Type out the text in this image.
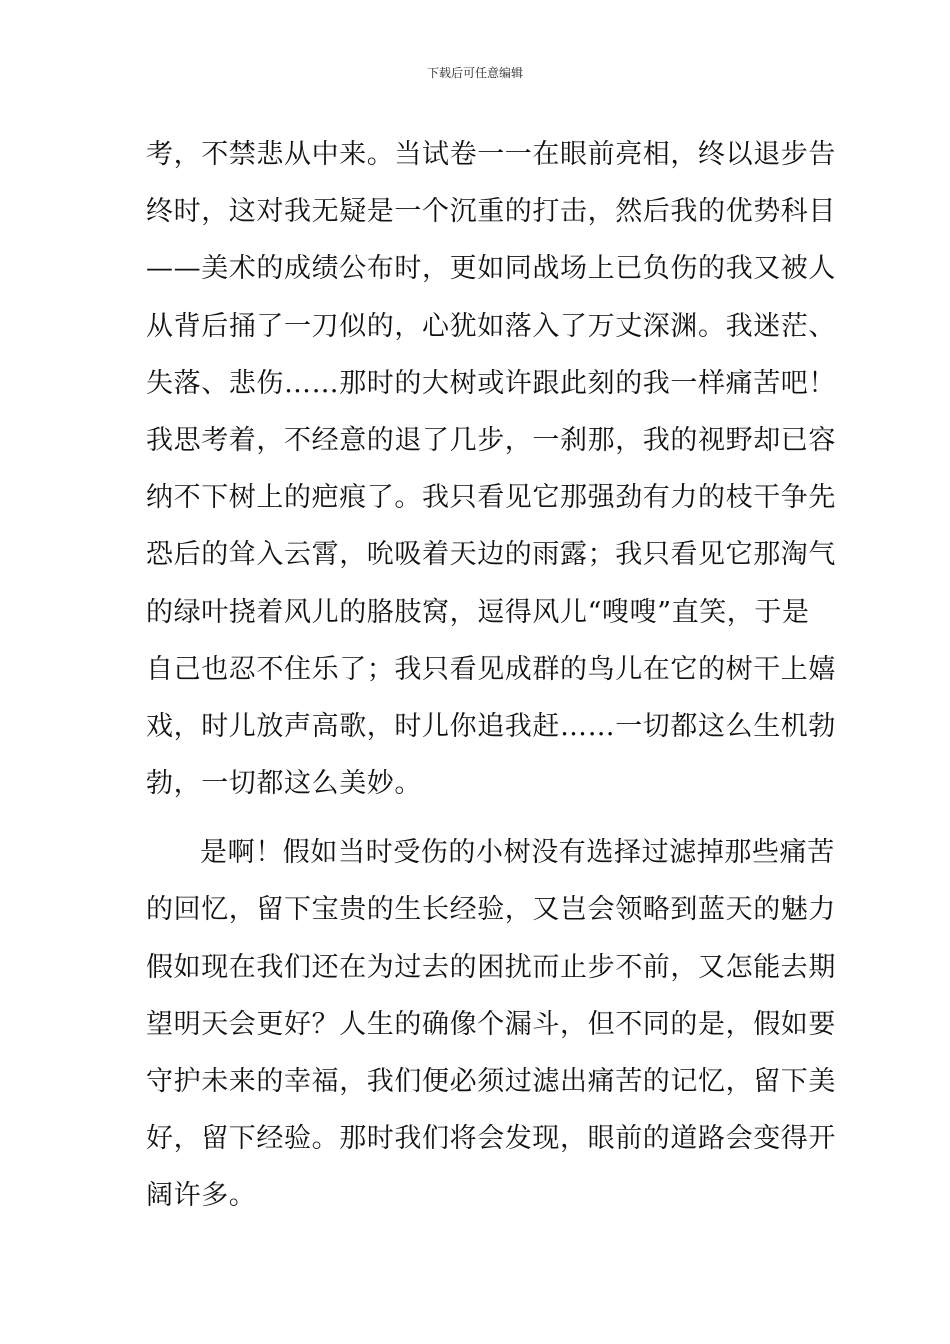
下载后可任意编辑
考，不禁悲从中来。当试卷一一在眼前亮相，终以退步告
终时，这对我无疑是一个沉重的打击，然后我的优势科目
——美术的成绩公布时，更如同战场上已负伤的我又被人
从背后捅了一刀似的，心犹如落入了万丈深渊。我迷茫、
失落、悲伤……那时的大树或许跟此刻的我一样痛苦吧！
我思考着，不经意的退了几步，一刹那，我的视野却已容
纳不下树上的疤痕了。我只看见它那强劲有力的枝干争先
恐后的耸入云霄，吮吸着天边的雨露；我只看见它那淘气
的绿叶挠着风儿的胳肢窝，逗得风儿“嗖嗖”直笑，于是
自己也忍不住乐了；我只看见成群的鸟儿在它的树干上嬉
戏，时儿放声高歌，时儿你追我赶……一切都这么生机勃
勃，一切都这么美妙。
是啊！假如当时受伤的小树没有选择过滤掉那些痛苦
的回忆，留下宝贵的生长经验，又岂会领略到蓝天的魅力
假如现在我们还在为过去的困扰而止步不前，又怎能去期
望明天会更好？人生的确像个漏斗，但不同的是，假如要
守护未来的幸福，我们便必须过滤出痛苦的记忆，留下美
好，留下经验。那时我们将会发现，眼前的道路会变得开
阔许多。
